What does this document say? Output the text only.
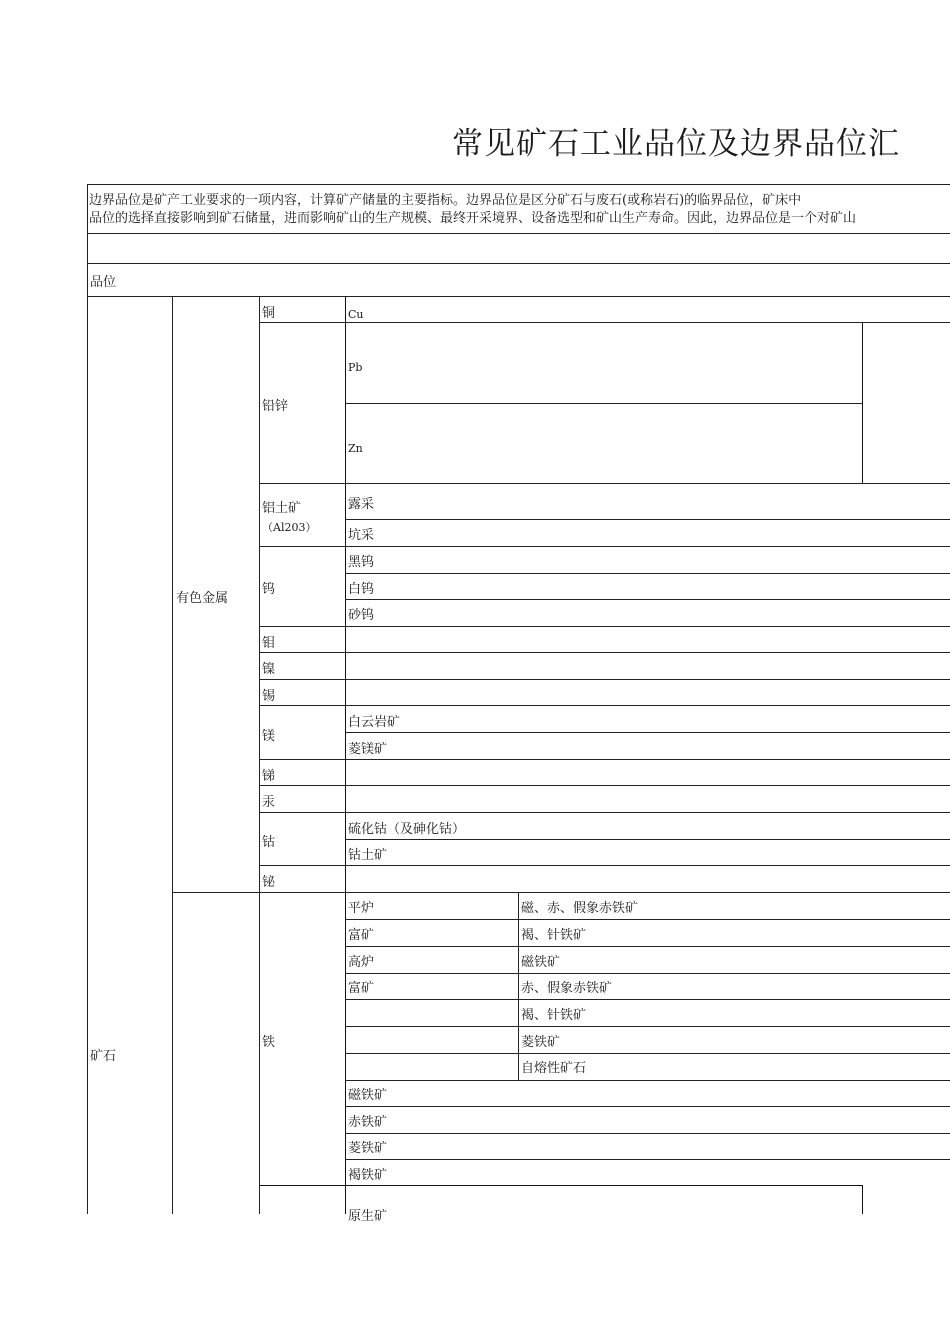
常见矿石工业品位及边界品位汇
边界品位是矿产工业要求的一项内容，计算矿产储量的主要指标。边界品位是区分矿石与废石(或称岩石)的临界品位，矿床中
品位的选择直接影响到矿石储量，进而影响矿山的生产规模、最终开采境界、设备选型和矿山生产寿命。因此，边界品位是一个对矿山
品位
矿石
有色金属
铜
铅锌
铝土矿
（Al203）
钨
钼
镍
锡
镁
锑
汞
钴
铋
铁
Cu
Pb
Zn
露采
坑采
黑钨
白钨
砂钨
白云岩矿
菱镁矿
硫化钴（及砷化钴）
钴土矿
平炉
富矿
高炉
富矿
磁、赤、假象赤铁矿
褐、针铁矿
磁铁矿
赤、假象赤铁矿
褐、针铁矿
菱铁矿
自熔性矿石
磁铁矿
赤铁矿
菱铁矿
褐铁矿
原生矿
